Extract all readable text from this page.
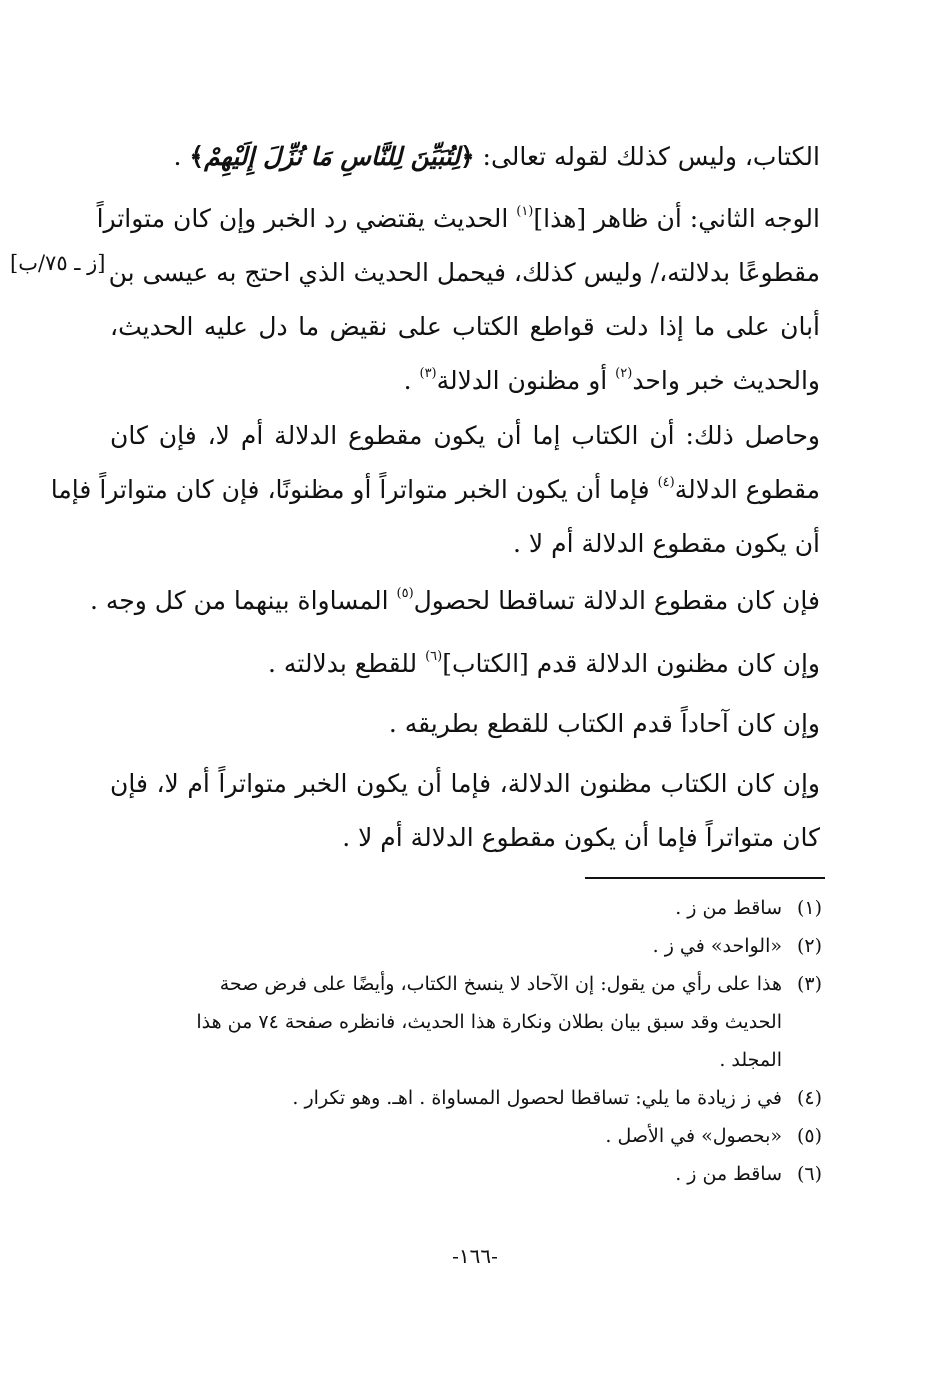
[ز ـ ٧٥/ب]
الكتاب، وليس كذلك لقوله تعالى: ﴿لِتُبَيِّنَ لِلنَّاسِ مَا نُزِّلَ إِلَيْهِمْ﴾ .
الوجه الثاني: أن ظاهر [هذا]$^{(١)}$ الحديث يقتضي رد الخبر وإن كان متواتراً
مقطوعًا بدلالته،/ وليس كذلك، فيحمل الحديث الذي احتج به عيسى بن
أبان على ما إذا دلت قواطع الكتاب على نقيض ما دل عليه الحديث،
والحديث خبر واحد$^{(٢)}$ أو مظنون الدلالة$^{(٣)}$ .
وحاصل ذلك: أن الكتاب إما أن يكون مقطوع الدلالة أم لا، فإن كان
مقطوع الدلالة$^{(٤)}$ فإما أن يكون الخبر متواتراً أو مظنونًا، فإن كان متواتراً فإما
أن يكون مقطوع الدلالة أم لا .
فإن كان مقطوع الدلالة تساقطا لحصول$^{(٥)}$ المساواة بينهما من كل وجه .
وإن كان مظنون الدلالة قدم [الكتاب]$^{(٦)}$ للقطع بدلالته .
وإن كان آحاداً قدم الكتاب للقطع بطريقه .
وإن كان الكتاب مظنون الدلالة، فإما أن يكون الخبر متواتراً أم لا، فإن
كان متواتراً فإما أن يكون مقطوع الدلالة أم لا .
(١)ساقط من ز .
(٢)«الواحد» في ز .
(٣)هذا على رأي من يقول: إن الآحاد لا ينسخ الكتاب، وأيضًا على فرض صحة
الحديث وقد سبق بيان بطلان ونكارة هذا الحديث، فانظره صفحة ٧٤ من هذا
المجلد .
(٤)في ز زيادة ما يلي: تساقطا لحصول المساواة . اهـ. وهو تكرار .
(٥)«بحصول» في الأصل .
(٦)ساقط من ز .
-١٦٦-
